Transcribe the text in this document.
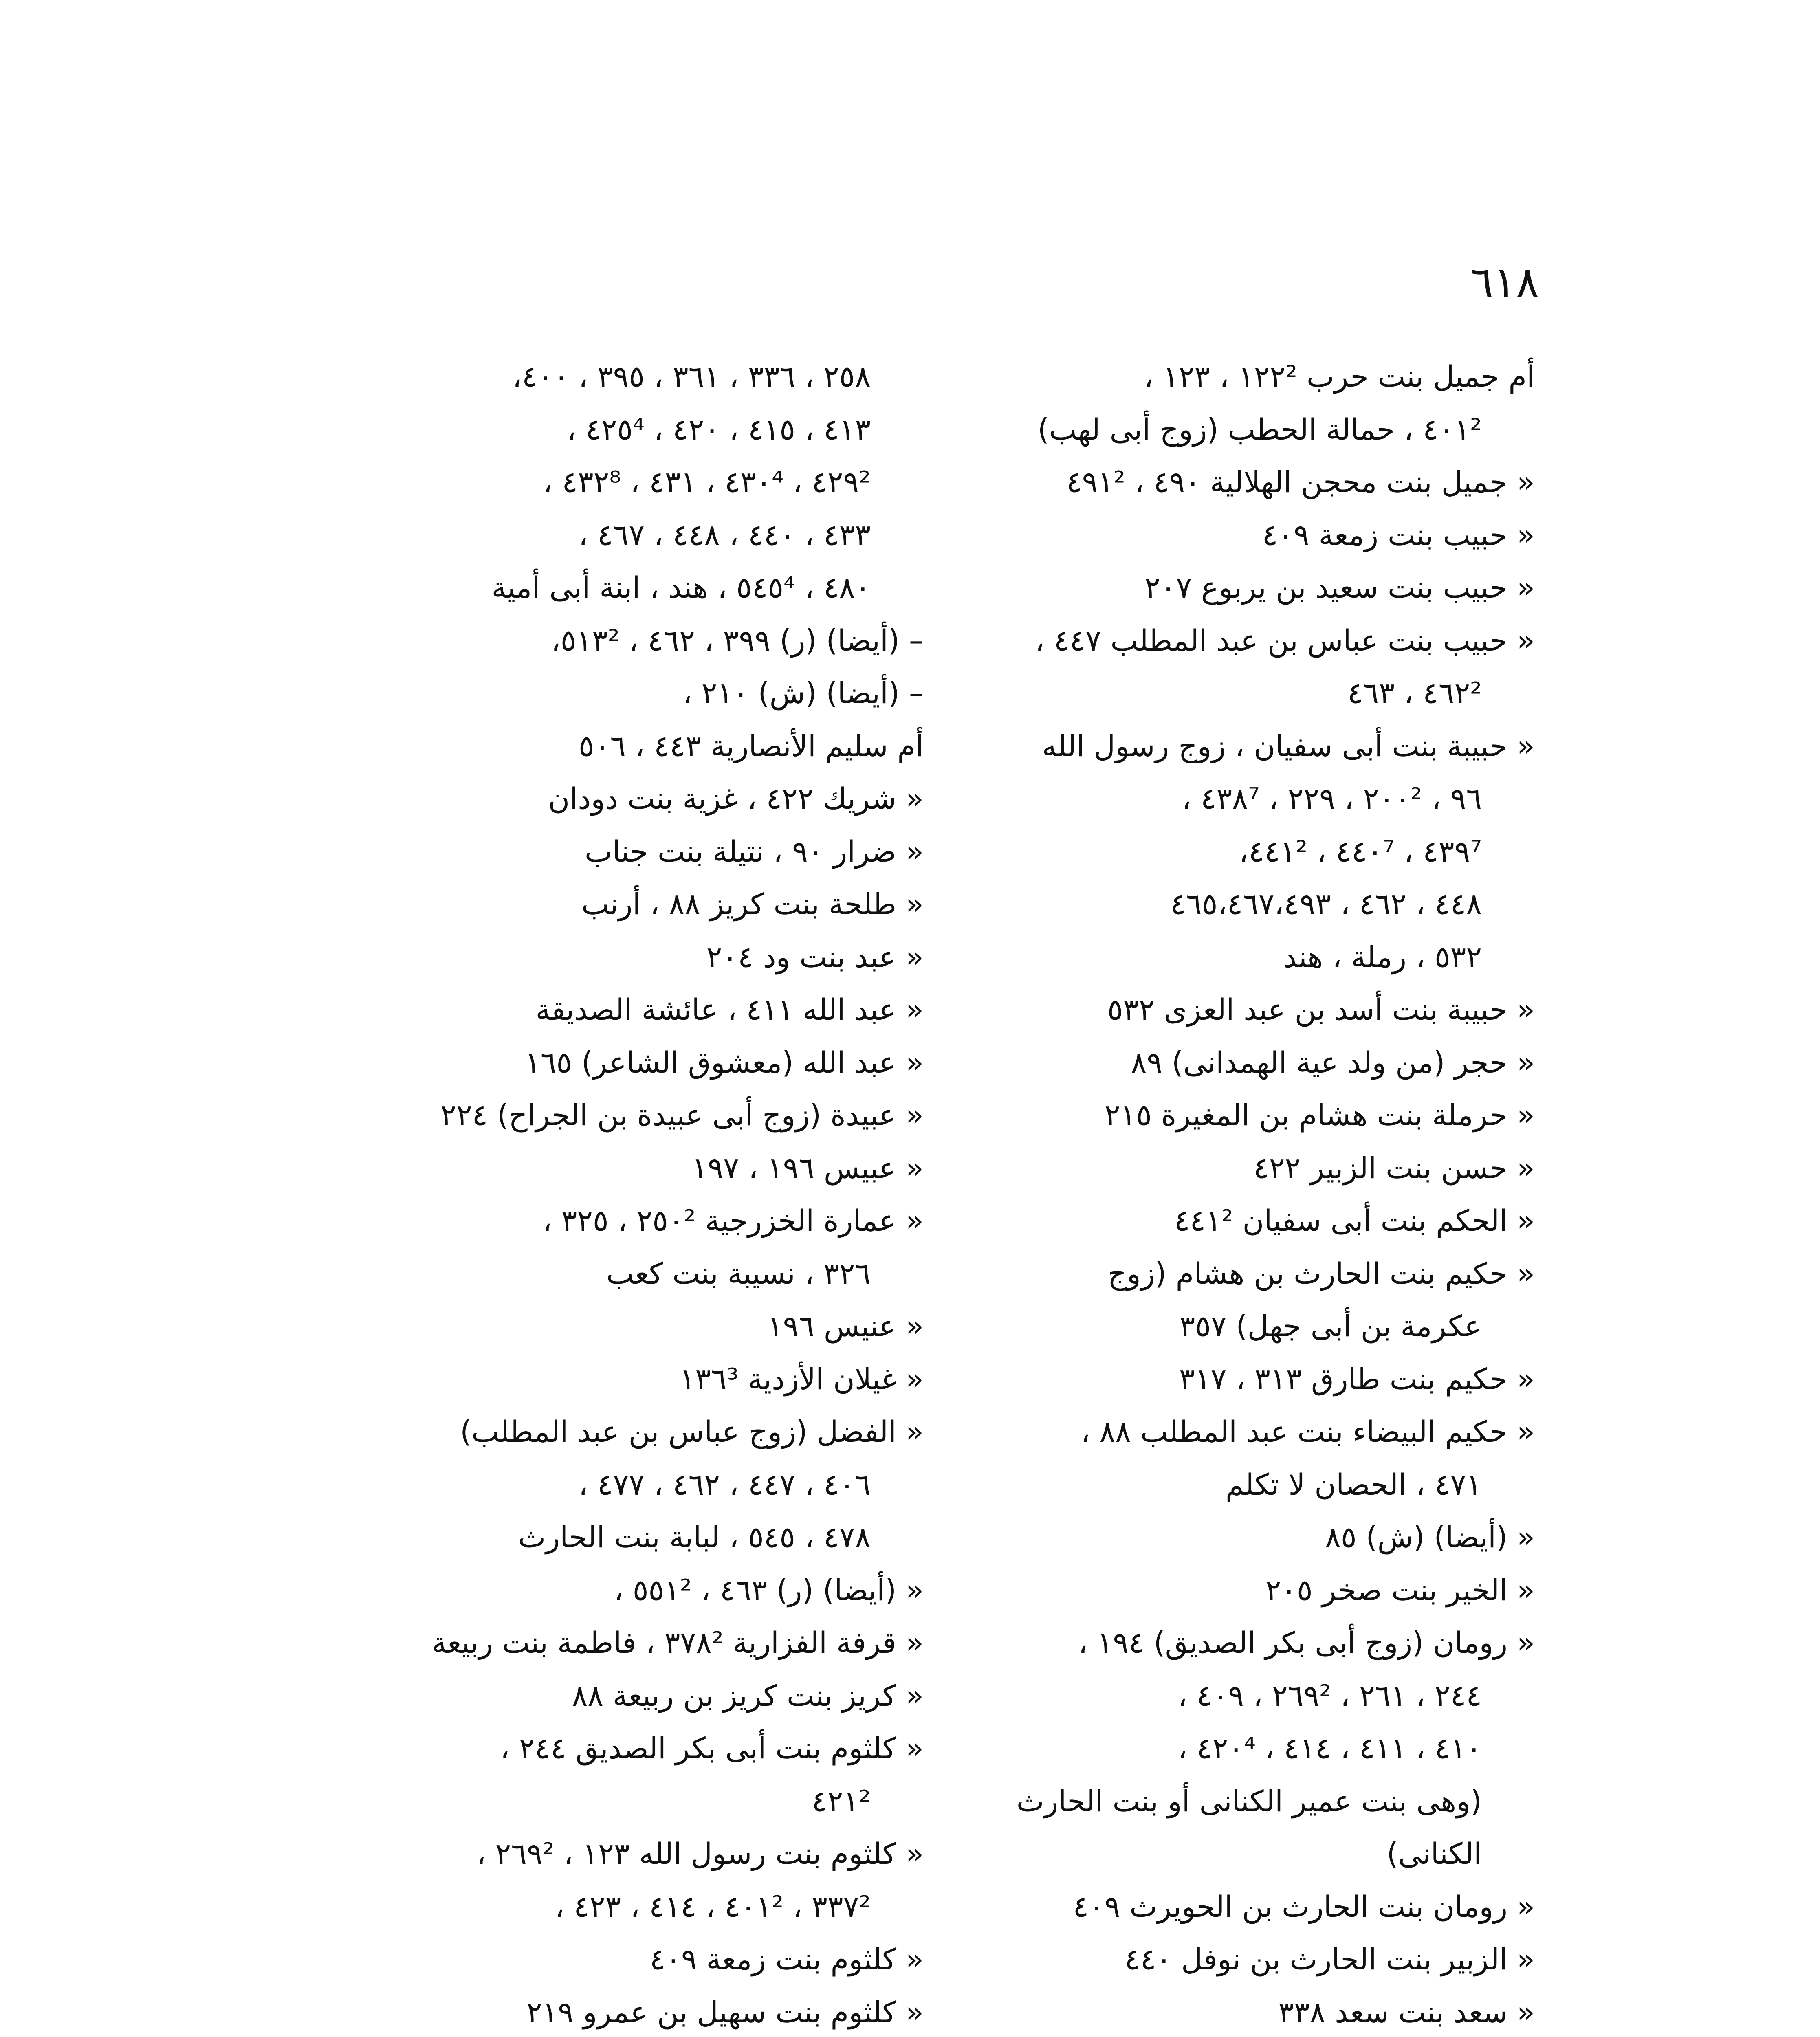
٦١٨
أم جميل بنت حرب ١٢٢² ، ١٢٣ ،
٤٠١² ، حمالة الحطب (زوج أبى لهب)
« جميل بنت محجن الهلالية ٤٩٠ ، ٤٩١²
« حبيب بنت زمعة ٤٠٩
« حبيب بنت سعيد بن يربوع ٢٠٧
« حبيب بنت عباس بن عبد المطلب ٤٤٧ ،
٤٦٢² ، ٤٦٣
« حبيبة بنت أبى سفيان ، زوج رسول الله
٩٦ ، ٢٠٠² ، ٢٢٩ ، ٤٣٨⁷ ،
٤٣٩⁷ ، ٤٤٠⁷ ، ٤٤١²،
٤٤٨ ، ٤٦٢ ، ٤٦٥،٤٦٧،٤٩٣
٥٣٢ ، رملة ، هند
« حبيبة بنت أسد بن عبد العزى ٥٣٢
« حجر (من ولد عية الهمدانى) ٨٩
« حرملة بنت هشام بن المغيرة ٢١٥
« حسن بنت الزبير ٤٢٢
« الحكم بنت أبى سفيان ٤٤١²
« حكيم بنت الحارث بن هشام (زوج
عكرمة بن أبى جهل) ٣٥٧
« حكيم بنت طارق ٣١٣ ، ٣١٧
« حكيم البيضاء بنت عبد المطلب ٨٨ ،
٤٧١ ، الحصان لا تكلم
« (أيضا) (ش) ٨٥
« الخير بنت صخر ٢٠٥
« رومان (زوج أبى بكر الصديق) ١٩٤ ،
٢٤٤ ، ٢٦١ ، ٢٦٩² ، ٤٠٩ ،
٤١٠ ، ٤١١ ، ٤١٤ ، ٤٢٠⁴ ،
(وهى بنت عمير الكنانى أو بنت الحارث
الكنانى)
« رومان بنت الحارث بن الحويرث ٤٠٩
« الزبير بنت الحارث بن نوفل ٤٤٠
« سعد بنت سعد ٣٣٨
٢٥٨ ، ٣٣٦ ، ٣٦١ ، ٣٩٥ ، ٤٠٠،
٤١٣ ، ٤١٥ ، ٤٢٠ ، ٤٢٥⁴ ،
٤٢٩² ، ٤٣٠⁴ ، ٤٣١ ، ٤٣٢⁸ ،
٤٣٣ ، ٤٤٠ ، ٤٤٨ ، ٤٦٧ ،
٤٨٠ ، ٥٤٥⁴ ، هند ، ابنة أبى أمية
– (أيضا) (ر) ٣٩٩ ، ٤٦٢ ، ٥١٣²،
– (أيضا) (ش) ٢١٠ ،
أم سليم الأنصارية ٤٤٣ ، ٥٠٦
« شريك ٤٢٢ ، غزية بنت دودان
« ضرار ٩٠ ، نتيلة بنت جناب
« طلحة بنت كريز ٨٨ ، أرنب
« عبد بنت ود ٢٠٤
« عبد الله ٤١١ ، عائشة الصديقة
« عبد الله (معشوق الشاعر) ١٦٥
« عبيدة (زوج أبى عبيدة بن الجراح) ٢٢٤
« عبيس ١٩٦ ، ١٩٧
« عمارة الخزرجية ٢٥٠² ، ٣٢٥ ،
٣٢٦ ، نسيبة بنت كعب
« عنيس ١٩٦
« غيلان الأزدية ١٣٦³
« الفضل (زوج عباس بن عبد المطلب)
٤٠٦ ، ٤٤٧ ، ٤٦٢ ، ٤٧٧ ،
٤٧٨ ، ٥٤٥ ، لبابة بنت الحارث
« (أيضا) (ر) ٤٦٣ ، ٥٥١² ،
« قرفة الفزارية ٣٧٨² ، فاطمة بنت ربيعة
« كريز بنت كريز بن ربيعة ٨٨
« كلثوم بنت أبى بكر الصديق ٢٤٤ ،
٤٢١²
« كلثوم بنت رسول الله ١٢٣ ، ٢٦٩² ،
٣٣٧² ، ٤٠١² ، ٤١٤ ، ٤٢٣ ،
« كلثوم بنت زمعة ٤٠٩
« كلثوم بنت سهيل بن عمرو ٢١٩
